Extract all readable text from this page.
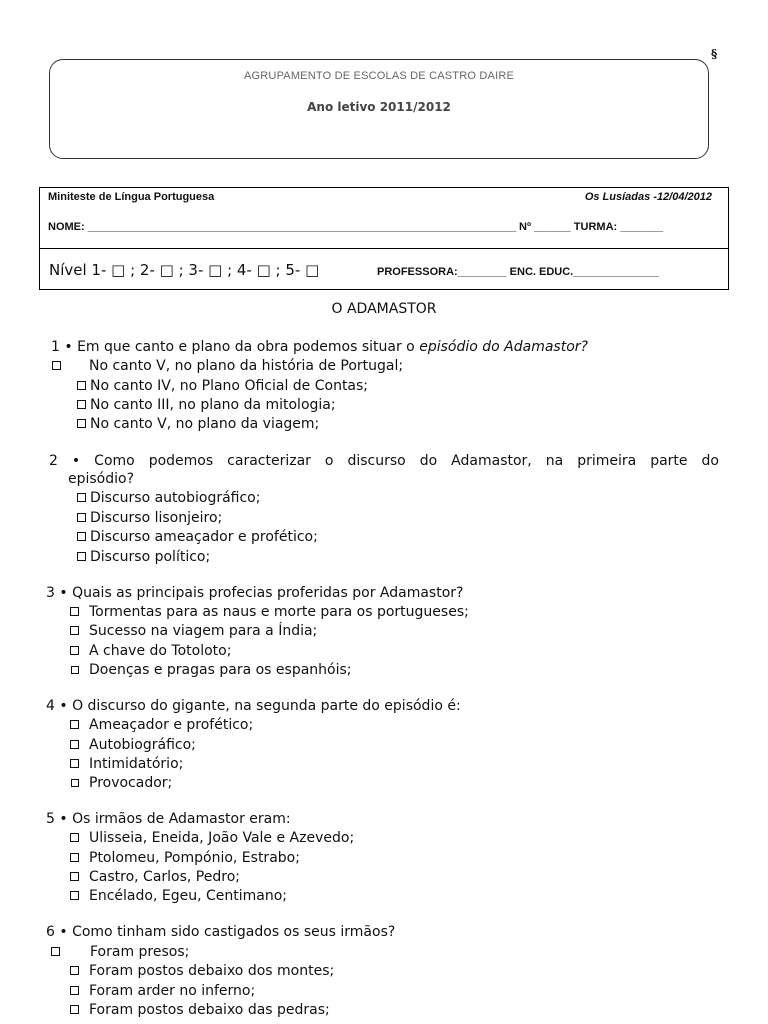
§
AGRUPAMENTO DE ESCOLAS DE CASTRO DAIRE
Ano letivo 2011/2012
Miniteste de Língua Portuguesa	Os Lusíadas -12/04/2012
NOME: ______________________________________________________________________ Nº ______ TURMA: _______
Nível 1- □ ; 2- □ ; 3- □ ; 4- □ ; 5- □	PROFESSORA:________ ENC. EDUC.______________
O ADAMASTOR
1 • Em que canto e plano da obra podemos situar o episódio do Adamastor?
No canto V, no plano da história de Portugal;
No canto IV, no Plano Oficial de Contas;
No canto III, no plano da mitologia;
No canto V, no plano da viagem;
2 • Como podemos caracterizar o discurso do Adamastor, na primeira parte do
episódio?
Discurso autobiográfico;
Discurso lisonjeiro;
Discurso ameaçador e profético;
Discurso político;
3 • Quais as principais profecias proferidas por Adamastor?
Tormentas para as naus e morte para os portugueses;
Sucesso na viagem para a Índia;
A chave do Totoloto;
Doenças e pragas para os espanhóis;
4 • O discurso do gigante, na segunda parte do episódio é:
Ameaçador e profético;
Autobiográfico;
Intimidatório;
Provocador;
5 • Os irmãos de Adamastor eram:
Ulisseia, Eneida, João Vale e Azevedo;
Ptolomeu, Pompónio, Estrabo;
Castro, Carlos, Pedro;
Encélado, Egeu, Centimano;
6 • Como tinham sido castigados os seus irmãos?
Foram presos;
Foram postos debaixo dos montes;
Foram arder no inferno;
Foram postos debaixo das pedras;
